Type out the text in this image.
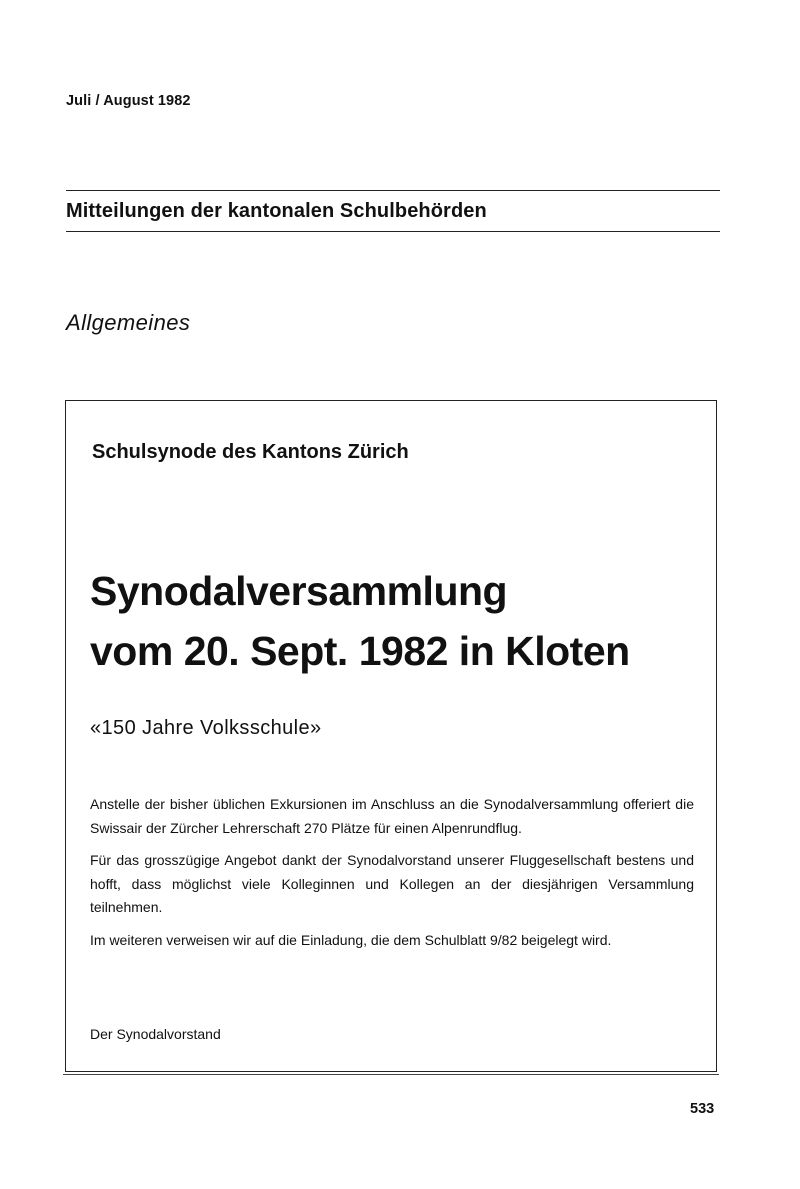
Juli / August 1982
Mitteilungen der kantonalen Schulbehörden
Allgemeines
Schulsynode des Kantons Zürich
Synodalversammlung
vom 20. Sept. 1982 in Kloten
«150 Jahre Volksschule»

Anstelle der bisher üblichen Exkursionen im Anschluss an die Synodalversammlung offeriert die Swissair der Zürcher Lehrerschaft 270 Plätze für einen Alpenrundflug.

Für das grosszügige Angebot dankt der Synodalvorstand unserer Fluggesellschaft bestens und hofft, dass möglichst viele Kolleginnen und Kollegen an der diesjährigen Versammlung teilnehmen.

Im weiteren verweisen wir auf die Einladung, die dem Schulblatt 9/82 beigelegt wird.

Der Synodalvorstand
533
